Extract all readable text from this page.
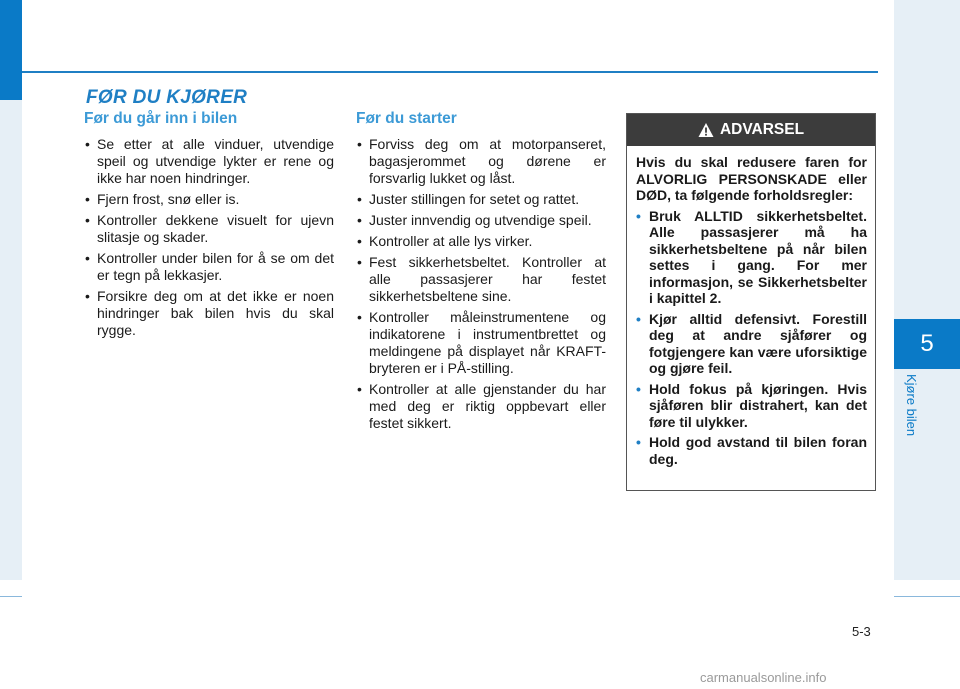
5
Kjøre bilen
FØR DU KJØRER
Før du går inn i bilen
• Se etter at alle vinduer, utvendige speil og utvendige lykter er rene og ikke har noen hindringer.
• Fjern frost, snø eller is.
• Kontroller dekkene visuelt for ujevn slitasje og skader.
• Kontroller under bilen for å se om det er tegn på lekkasjer.
• Forsikre deg om at det ikke er noen hindringer bak bilen hvis du skal rygge.
Før du starter
• Forviss deg om at motorpanseret, bagasjerommet og dørene er forsvarlig lukket og låst.
• Juster stillingen for setet og rattet.
• Juster innvendig og utvendige speil.
• Kontroller at alle lys virker.
• Fest sikkerhetsbeltet. Kontroller at alle passasjerer har festet sikkerhetsbeltene sine.
• Kontroller måleinstrumentene og indikatorene i instrumentbrettet og meldingene på displayet når KRAFT-bryteren er i PÅ-stilling.
• Kontroller at alle gjenstander du har med deg er riktig oppbevart eller festet sikkert.
ADVARSEL
Hvis du skal redusere faren for ALVORLIG PERSONSKADE eller DØD, ta følgende forholdsregler:
• Bruk ALLTID sikkerhetsbeltet. Alle passasjerer må ha sikkerhetsbeltene på når bilen settes i gang. For mer informasjon, se Sikkerhetsbelter i kapittel 2.
• Kjør alltid defensivt. Forestill deg at andre sjåfører og fotgjengere kan være uforsiktige og gjøre feil.
• Hold fokus på kjøringen. Hvis sjåføren blir distrahert, kan det føre til ulykker.
• Hold god avstand til bilen foran deg.
5-3
carmanualsonline.info
